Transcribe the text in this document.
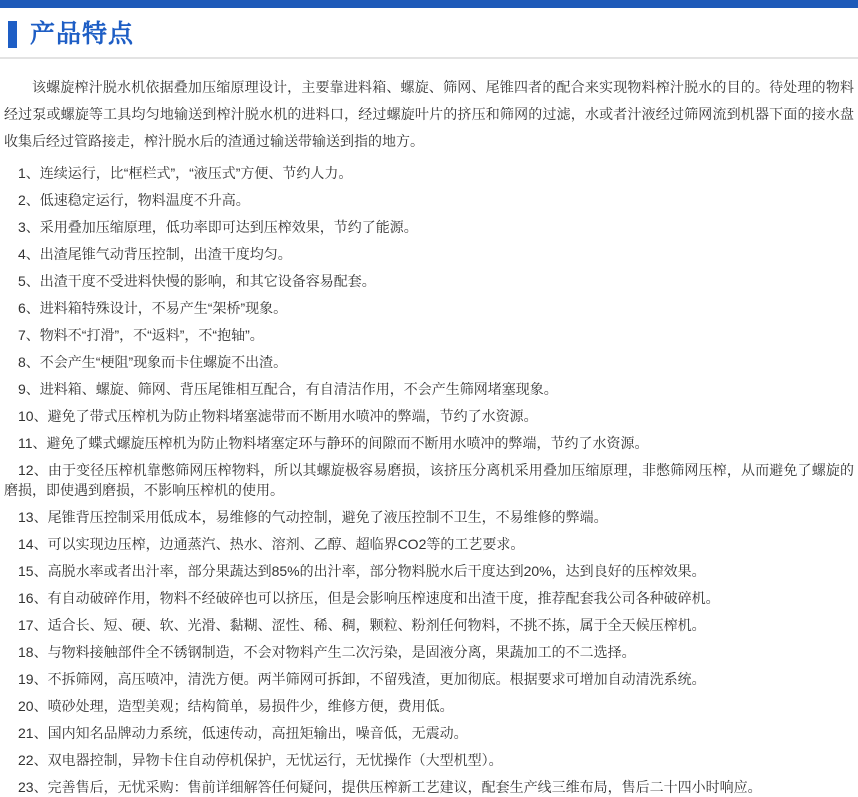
产品特点

该螺旋榨汁脱水机依据叠加压缩原理设计，主要靠进料箱、螺旋、筛网、尾锥四者的配合来实现物料榨汁脱水的目的。待处理的物料经过泵或螺旋等工具均匀地输送到榨汁脱水机的进料口，经过螺旋叶片的挤压和筛网的过滤，水或者汁液经过筛网流到机器下面的接水盘收集后经过管路接走，榨汁脱水后的渣通过输送带输送到指的地方。

1、连续运行，比“框栏式”，“液压式”方便、节约人力。

2、低速稳定运行，物料温度不升高。

3、采用叠加压缩原理，低功率即可达到压榨效果，节约了能源。

4、出渣尾锥气动背压控制，出渣干度均匀。

5、出渣干度不受进料快慢的影响，和其它设备容易配套。

6、进料箱特殊设计，不易产生“架桥”现象。

7、物料不“打滑”，不“返料”，不“抱轴”。

8、不会产生“梗阻”现象而卡住螺旋不出渣。

9、进料箱、螺旋、筛网、背压尾锥相互配合，有自清洁作用，不会产生筛网堵塞现象。

10、避免了带式压榨机为防止物料堵塞滤带而不断用水喷冲的弊端，节约了水资源。

11、避免了蝶式螺旋压榨机为防止物料堵塞定环与静环的间隙而不断用水喷冲的弊端，节约了水资源。

12、由于变径压榨机靠憋筛网压榨物料，所以其螺旋极容易磨损，该挤压分离机采用叠加压缩原理，非憋筛网压榨，从而避免了螺旋的磨损，即使遇到磨损，不影响压榨机的使用。

13、尾锥背压控制采用低成本，易维修的气动控制，避免了液压控制不卫生，不易维修的弊端。

14、可以实现边压榨，边通蒸汽、热水、溶剂、乙醇、超临界CO2等的工艺要求。

15、高脱水率或者出汁率，部分果蔬达到85%的出汁率，部分物料脱水后干度达到20%，达到良好的压榨效果。

16、有自动破碎作用，物料不经破碎也可以挤压，但是会影响压榨速度和出渣干度，推荐配套我公司各种破碎机。

17、适合长、短、硬、软、光滑、黏糊、涩性、稀、稠，颗粒、粉剂任何物料，不挑不拣，属于全天候压榨机。

18、与物料接触部件全不锈钢制造，不会对物料产生二次污染，是固液分离，果蔬加工的不二选择。

19、不拆筛网，高压喷冲，清洗方便。两半筛网可拆卸，不留残渣，更加彻底。根据要求可增加自动清洗系统。

20、喷砂处理，造型美观；结构简单，易损件少，维修方便，费用低。

21、国内知名品牌动力系统，低速传动，高扭矩输出，噪音低，无震动。

22、双电器控制，异物卡住自动停机保护，无忧运行，无忧操作（大型机型）。

23、完善售后，无忧采购：售前详细解答任何疑问，提供压榨新工艺建议，配套生产线三维布局，售后二十四小时响应。
